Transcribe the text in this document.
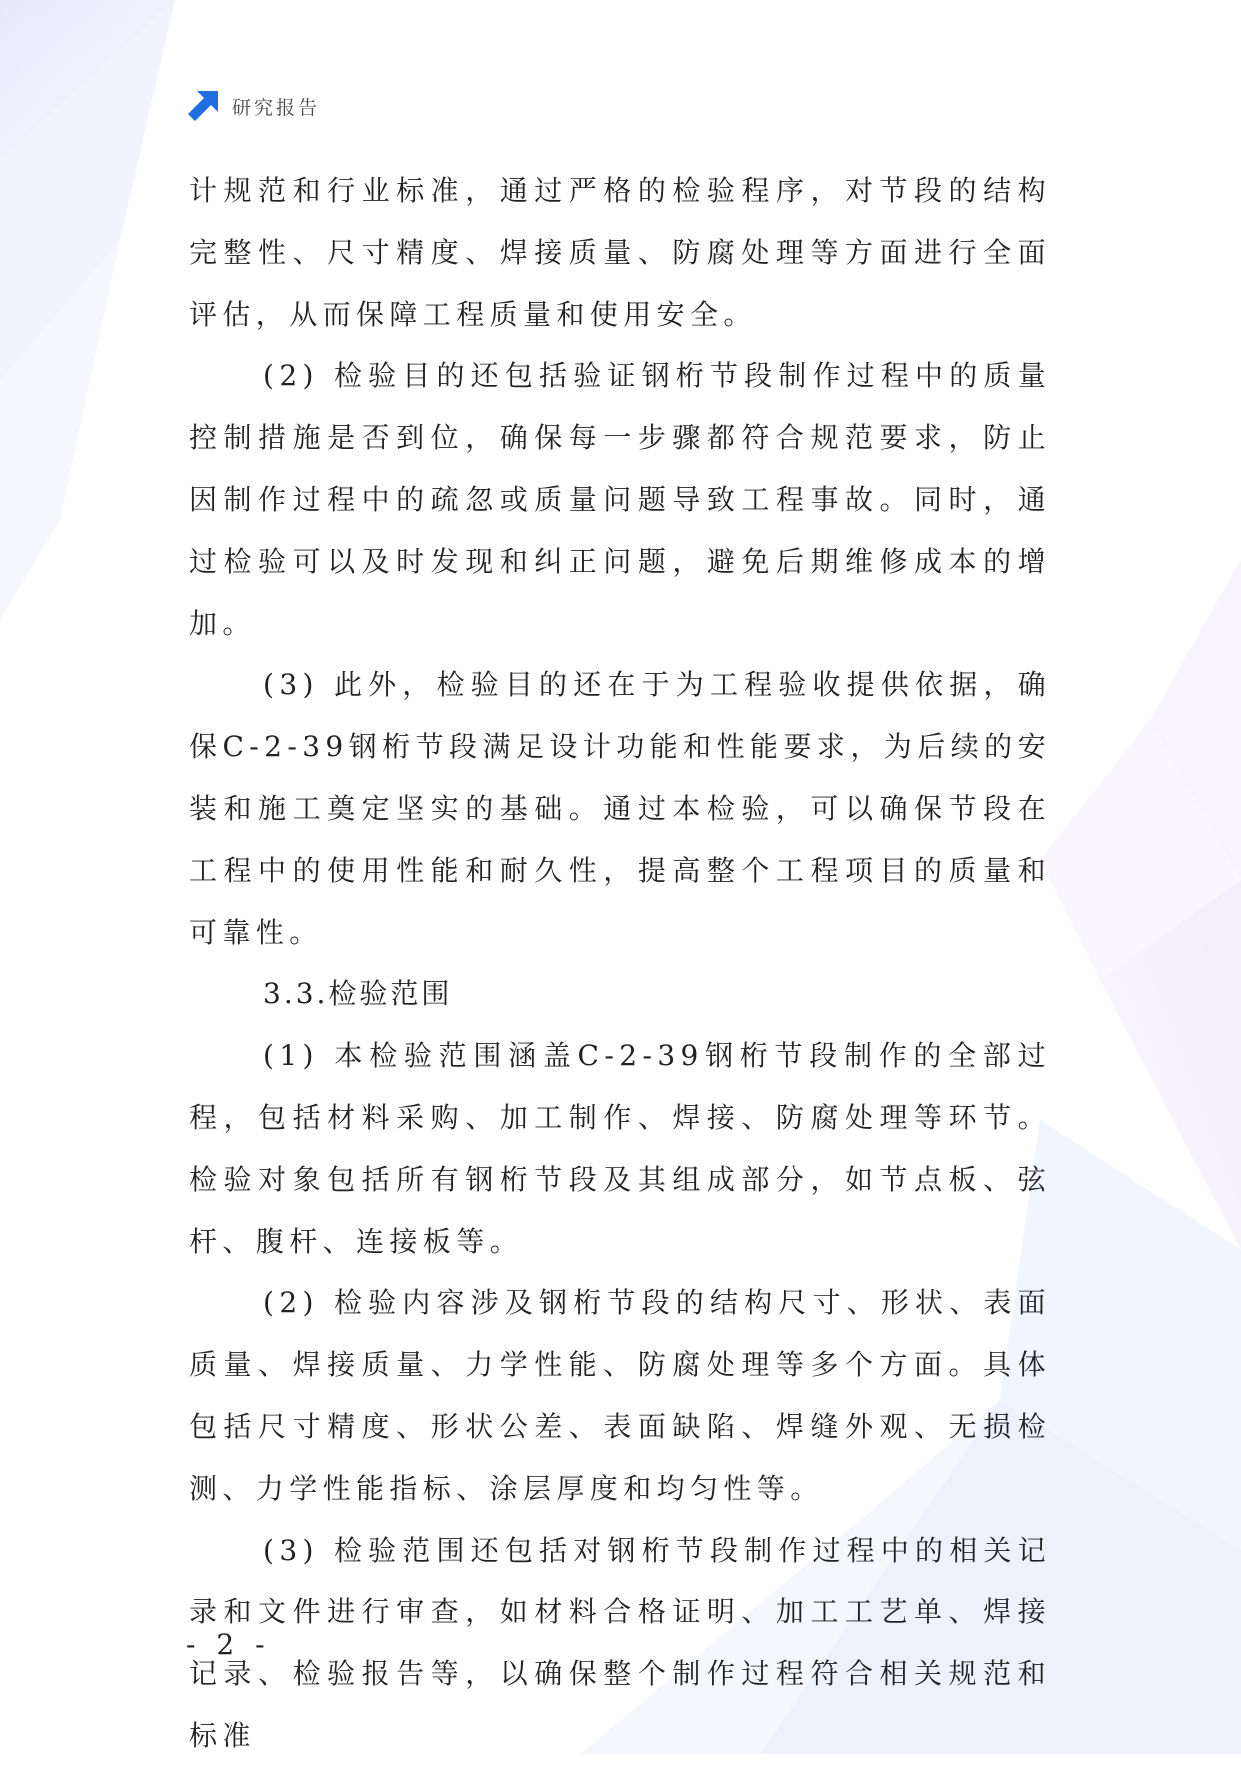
研究报告

计规范和行业标准，通过严格的检验程序，对节段的结构完整性、尺寸精度、焊接质量、防腐处理等方面进行全面评估，从而保障工程质量和使用安全。

(2) 检验目的还包括验证钢桁节段制作过程中的质量控制措施是否到位，确保每一步骤都符合规范要求，防止因制作过程中的疏忽或质量问题导致工程事故。同时，通过检验可以及时发现和纠正问题，避免后期维修成本的增加。

(3) 此外，检验目的还在于为工程验收提供依据，确保C-2-39钢桁节段满足设计功能和性能要求，为后续的安装和施工奠定坚实的基础。通过本检验，可以确保节段在工程中的使用性能和耐久性，提高整个工程项目的质量和可靠性。

3.3.检验范围

(1) 本检验范围涵盖C-2-39钢桁节段制作的全部过程，包括材料采购、加工制作、焊接、防腐处理等环节。检验对象包括所有钢桁节段及其组成部分，如节点板、弦杆、腹杆、连接板等。

(2) 检验内容涉及钢桁节段的结构尺寸、形状、表面质量、焊接质量、力学性能、防腐处理等多个方面。具体包括尺寸精度、形状公差、表面缺陷、焊缝外观、无损检测、力学性能指标、涂层厚度和均匀性等。

(3) 检验范围还包括对钢桁节段制作过程中的相关记录和文件进行审查，如材料合格证明、加工工艺单、焊接记录、检验报告等，以确保整个制作过程符合相关规范和标准

- 2 -
